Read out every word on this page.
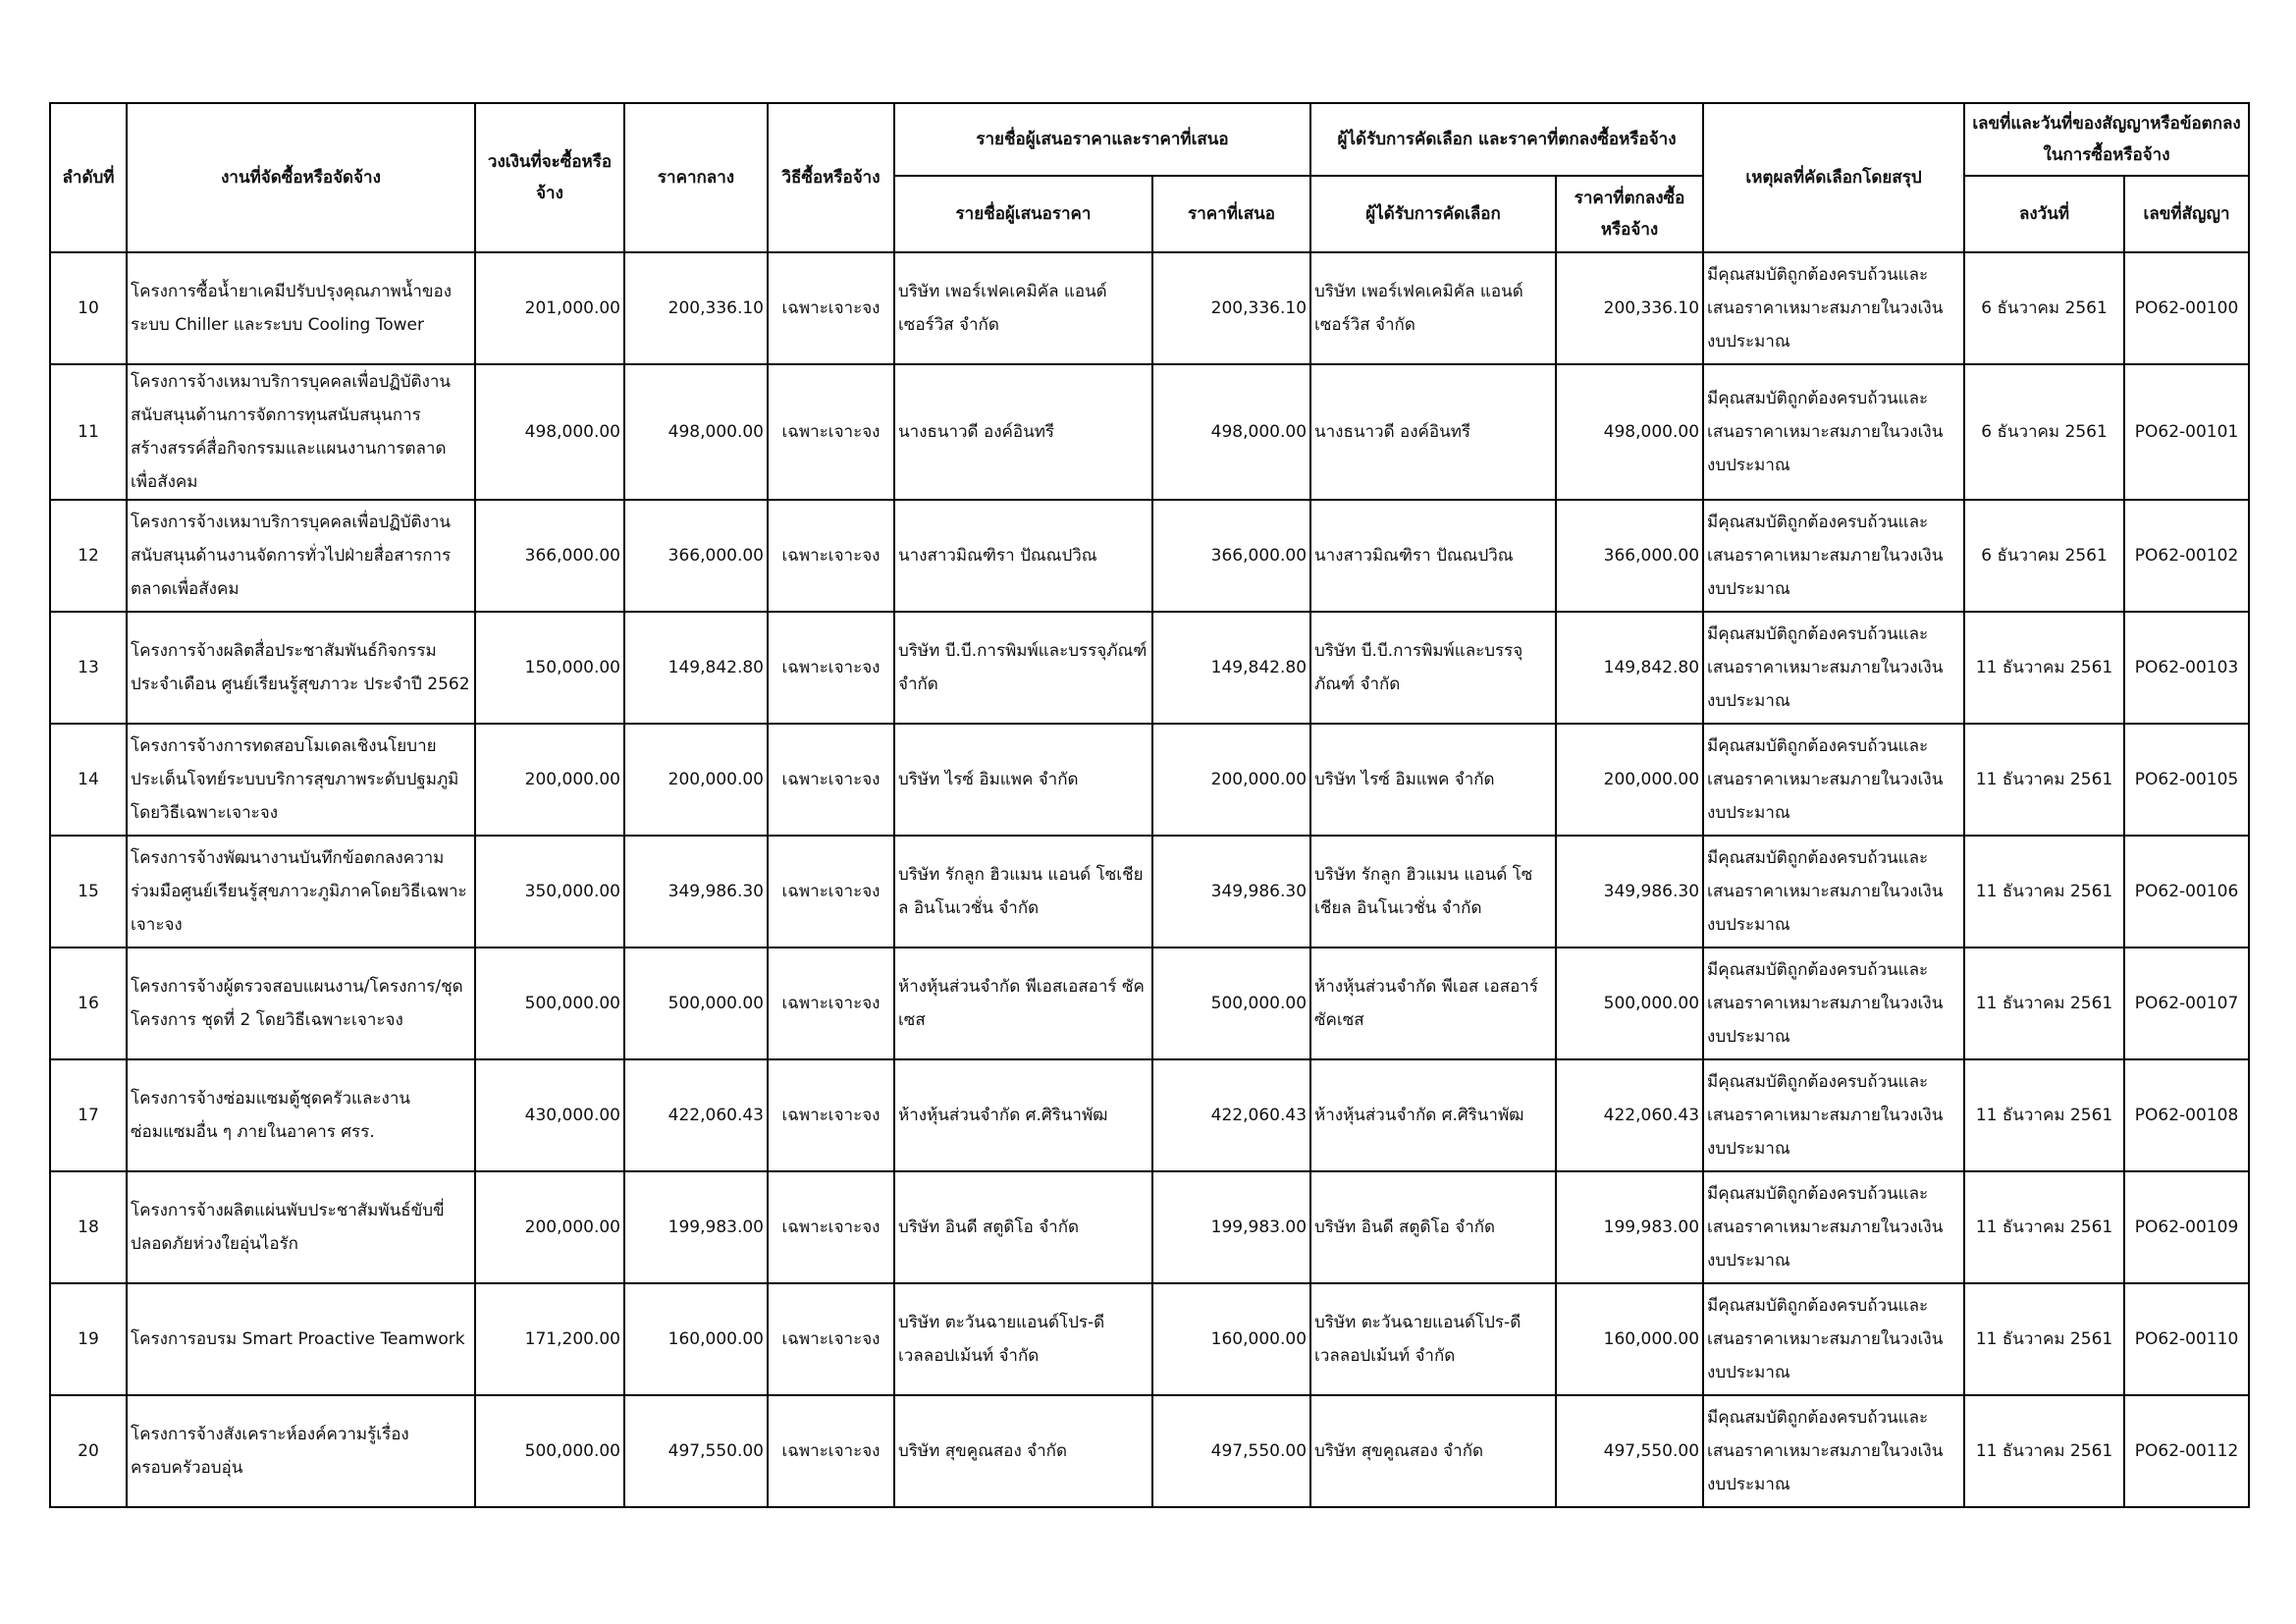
ลำดับที่	งานที่จัดซื้อหรือจัดจ้าง	วงเงินที่จะซื้อหรือจ้าง	ราคากลาง	วิธีซื้อหรือจ้าง	รายชื่อผู้เสนอราคาและราคาที่เสนอ		ผู้ได้รับการคัดเลือก และราคาที่ตกลงซื้อหรือจ้าง		เหตุผลที่คัดเลือกโดยสรุป	เลขที่และวันที่ของสัญญาหรือข้อตกลงในการซื้อหรือจ้าง	
					รายชื่อผู้เสนอราคา	ราคาที่เสนอ	ผู้ได้รับการคัดเลือก	ราคาที่ตกลงซื้อหรือจ้าง		ลงวันที่	เลขที่สัญญา
10	โครงการซื้อน้ำยาเคมีปรับปรุงคุณภาพน้ำของระบบ Chiller และระบบ Cooling Tower	201,000.00	200,336.10	เฉพาะเจาะจง	บริษัท เพอร์เฟคเคมิคัล แอนด์ เซอร์วิส จำกัด	200,336.10	บริษัท เพอร์เฟคเคมิคัล แอนด์ เซอร์วิส จำกัด	200,336.10	มีคุณสมบัติถูกต้องครบถ้วนและเสนอราคาเหมาะสมภายในวงเงินงบประมาณ	6 ธันวาคม 2561	PO62-00100
11	โครงการจ้างเหมาบริการบุคคลเพื่อปฏิบัติงานสนับสนุนด้านการจัดการทุนสนับสนุนการสร้างสรรค์สื่อกิจกรรมและแผนงานการตลาดเพื่อสังคม	498,000.00	498,000.00	เฉพาะเจาะจง	นางธนาวดี องค์อินทรี	498,000.00	นางธนาวดี องค์อินทรี	498,000.00	มีคุณสมบัติถูกต้องครบถ้วนและเสนอราคาเหมาะสมภายในวงเงินงบประมาณ	6 ธันวาคม 2561	PO62-00101
12	โครงการจ้างเหมาบริการบุคคลเพื่อปฏิบัติงานสนับสนุนด้านงานจัดการทั่วไปฝ่ายสื่อสารการตลาดเพื่อสังคม	366,000.00	366,000.00	เฉพาะเจาะจง	นางสาวมิณฑิรา ปัณณปวิณ	366,000.00	นางสาวมิณฑิรา ปัณณปวิณ	366,000.00	มีคุณสมบัติถูกต้องครบถ้วนและเสนอราคาเหมาะสมภายในวงเงินงบประมาณ	6 ธันวาคม 2561	PO62-00102
13	โครงการจ้างผลิตสื่อประชาสัมพันธ์กิจกรรมประจำเดือน ศูนย์เรียนรู้สุขภาวะ ประจำปี 2562	150,000.00	149,842.80	เฉพาะเจาะจง	บริษัท บี.บี.การพิมพ์และบรรจุภัณฑ์ จำกัด	149,842.80	บริษัท บี.บี.การพิมพ์และบรรจุภัณฑ์ จำกัด	149,842.80	มีคุณสมบัติถูกต้องครบถ้วนและเสนอราคาเหมาะสมภายในวงเงินงบประมาณ	11 ธันวาคม 2561	PO62-00103
14	โครงการจ้างการทดสอบโมเดลเชิงนโยบายประเด็นโจทย์ระบบบริการสุขภาพระดับปฐมภูมิโดยวิธีเฉพาะเจาะจง	200,000.00	200,000.00	เฉพาะเจาะจง	บริษัท ไรซ์ อิมแพค จำกัด	200,000.00	บริษัท ไรซ์ อิมแพค จำกัด	200,000.00	มีคุณสมบัติถูกต้องครบถ้วนและเสนอราคาเหมาะสมภายในวงเงินงบประมาณ	11 ธันวาคม 2561	PO62-00105
15	โครงการจ้างพัฒนางานบันทึกข้อตกลงความร่วมมือศูนย์เรียนรู้สุขภาวะภูมิภาคโดยวิธีเฉพาะเจาะจง	350,000.00	349,986.30	เฉพาะเจาะจง	บริษัท รักลูก ฮิวแมน แอนด์ โซเชียล อินโนเวชั่น จำกัด	349,986.30	บริษัท รักลูก ฮิวแมน แอนด์ โซเชียล อินโนเวชั่น จำกัด	349,986.30	มีคุณสมบัติถูกต้องครบถ้วนและเสนอราคาเหมาะสมภายในวงเงินงบประมาณ	11 ธันวาคม 2561	PO62-00106
16	โครงการจ้างผู้ตรวจสอบแผนงาน/โครงการ/ชุดโครงการ ชุดที่ 2 โดยวิธีเฉพาะเจาะจง	500,000.00	500,000.00	เฉพาะเจาะจง	ห้างหุ้นส่วนจำกัด พีเอสเอสอาร์ ซัคเซส	500,000.00	ห้างหุ้นส่วนจำกัด พีเอส เอสอาร์ ซัคเซส	500,000.00	มีคุณสมบัติถูกต้องครบถ้วนและเสนอราคาเหมาะสมภายในวงเงินงบประมาณ	11 ธันวาคม 2561	PO62-00107
17	โครงการจ้างซ่อมแซมตู้ชุดครัวและงานซ่อมแซมอื่น ๆ ภายในอาคาร ศรร.	430,000.00	422,060.43	เฉพาะเจาะจง	ห้างหุ้นส่วนจำกัด ศ.ศิรินาพัฒ	422,060.43	ห้างหุ้นส่วนจำกัด ศ.ศิรินาพัฒ	422,060.43	มีคุณสมบัติถูกต้องครบถ้วนและเสนอราคาเหมาะสมภายในวงเงินงบประมาณ	11 ธันวาคม 2561	PO62-00108
18	โครงการจ้างผลิตแผ่นพับประชาสัมพันธ์ขับขี่ปลอดภัยห่วงใยอุ่นไอรัก	200,000.00	199,983.00	เฉพาะเจาะจง	บริษัท อินดี สตูดิโอ จำกัด	199,983.00	บริษัท อินดี สตูดิโอ จำกัด	199,983.00	มีคุณสมบัติถูกต้องครบถ้วนและเสนอราคาเหมาะสมภายในวงเงินงบประมาณ	11 ธันวาคม 2561	PO62-00109
19	โครงการอบรม Smart Proactive Teamwork	171,200.00	160,000.00	เฉพาะเจาะจง	บริษัท ตะวันฉายแอนด์โปร-ดีเวลลอปเม้นท์ จำกัด	160,000.00	บริษัท ตะวันฉายแอนด์โปร-ดีเวลลอปเม้นท์ จำกัด	160,000.00	มีคุณสมบัติถูกต้องครบถ้วนและเสนอราคาเหมาะสมภายในวงเงินงบประมาณ	11 ธันวาคม 2561	PO62-00110
20	โครงการจ้างสังเคราะห์องค์ความรู้เรื่องครอบครัวอบอุ่น	500,000.00	497,550.00	เฉพาะเจาะจง	บริษัท สุขคูณสอง จำกัด	497,550.00	บริษัท สุขคูณสอง จำกัด	497,550.00	มีคุณสมบัติถูกต้องครบถ้วนและเสนอราคาเหมาะสมภายในวงเงินงบประมาณ	11 ธันวาคม 2561	PO62-00112
